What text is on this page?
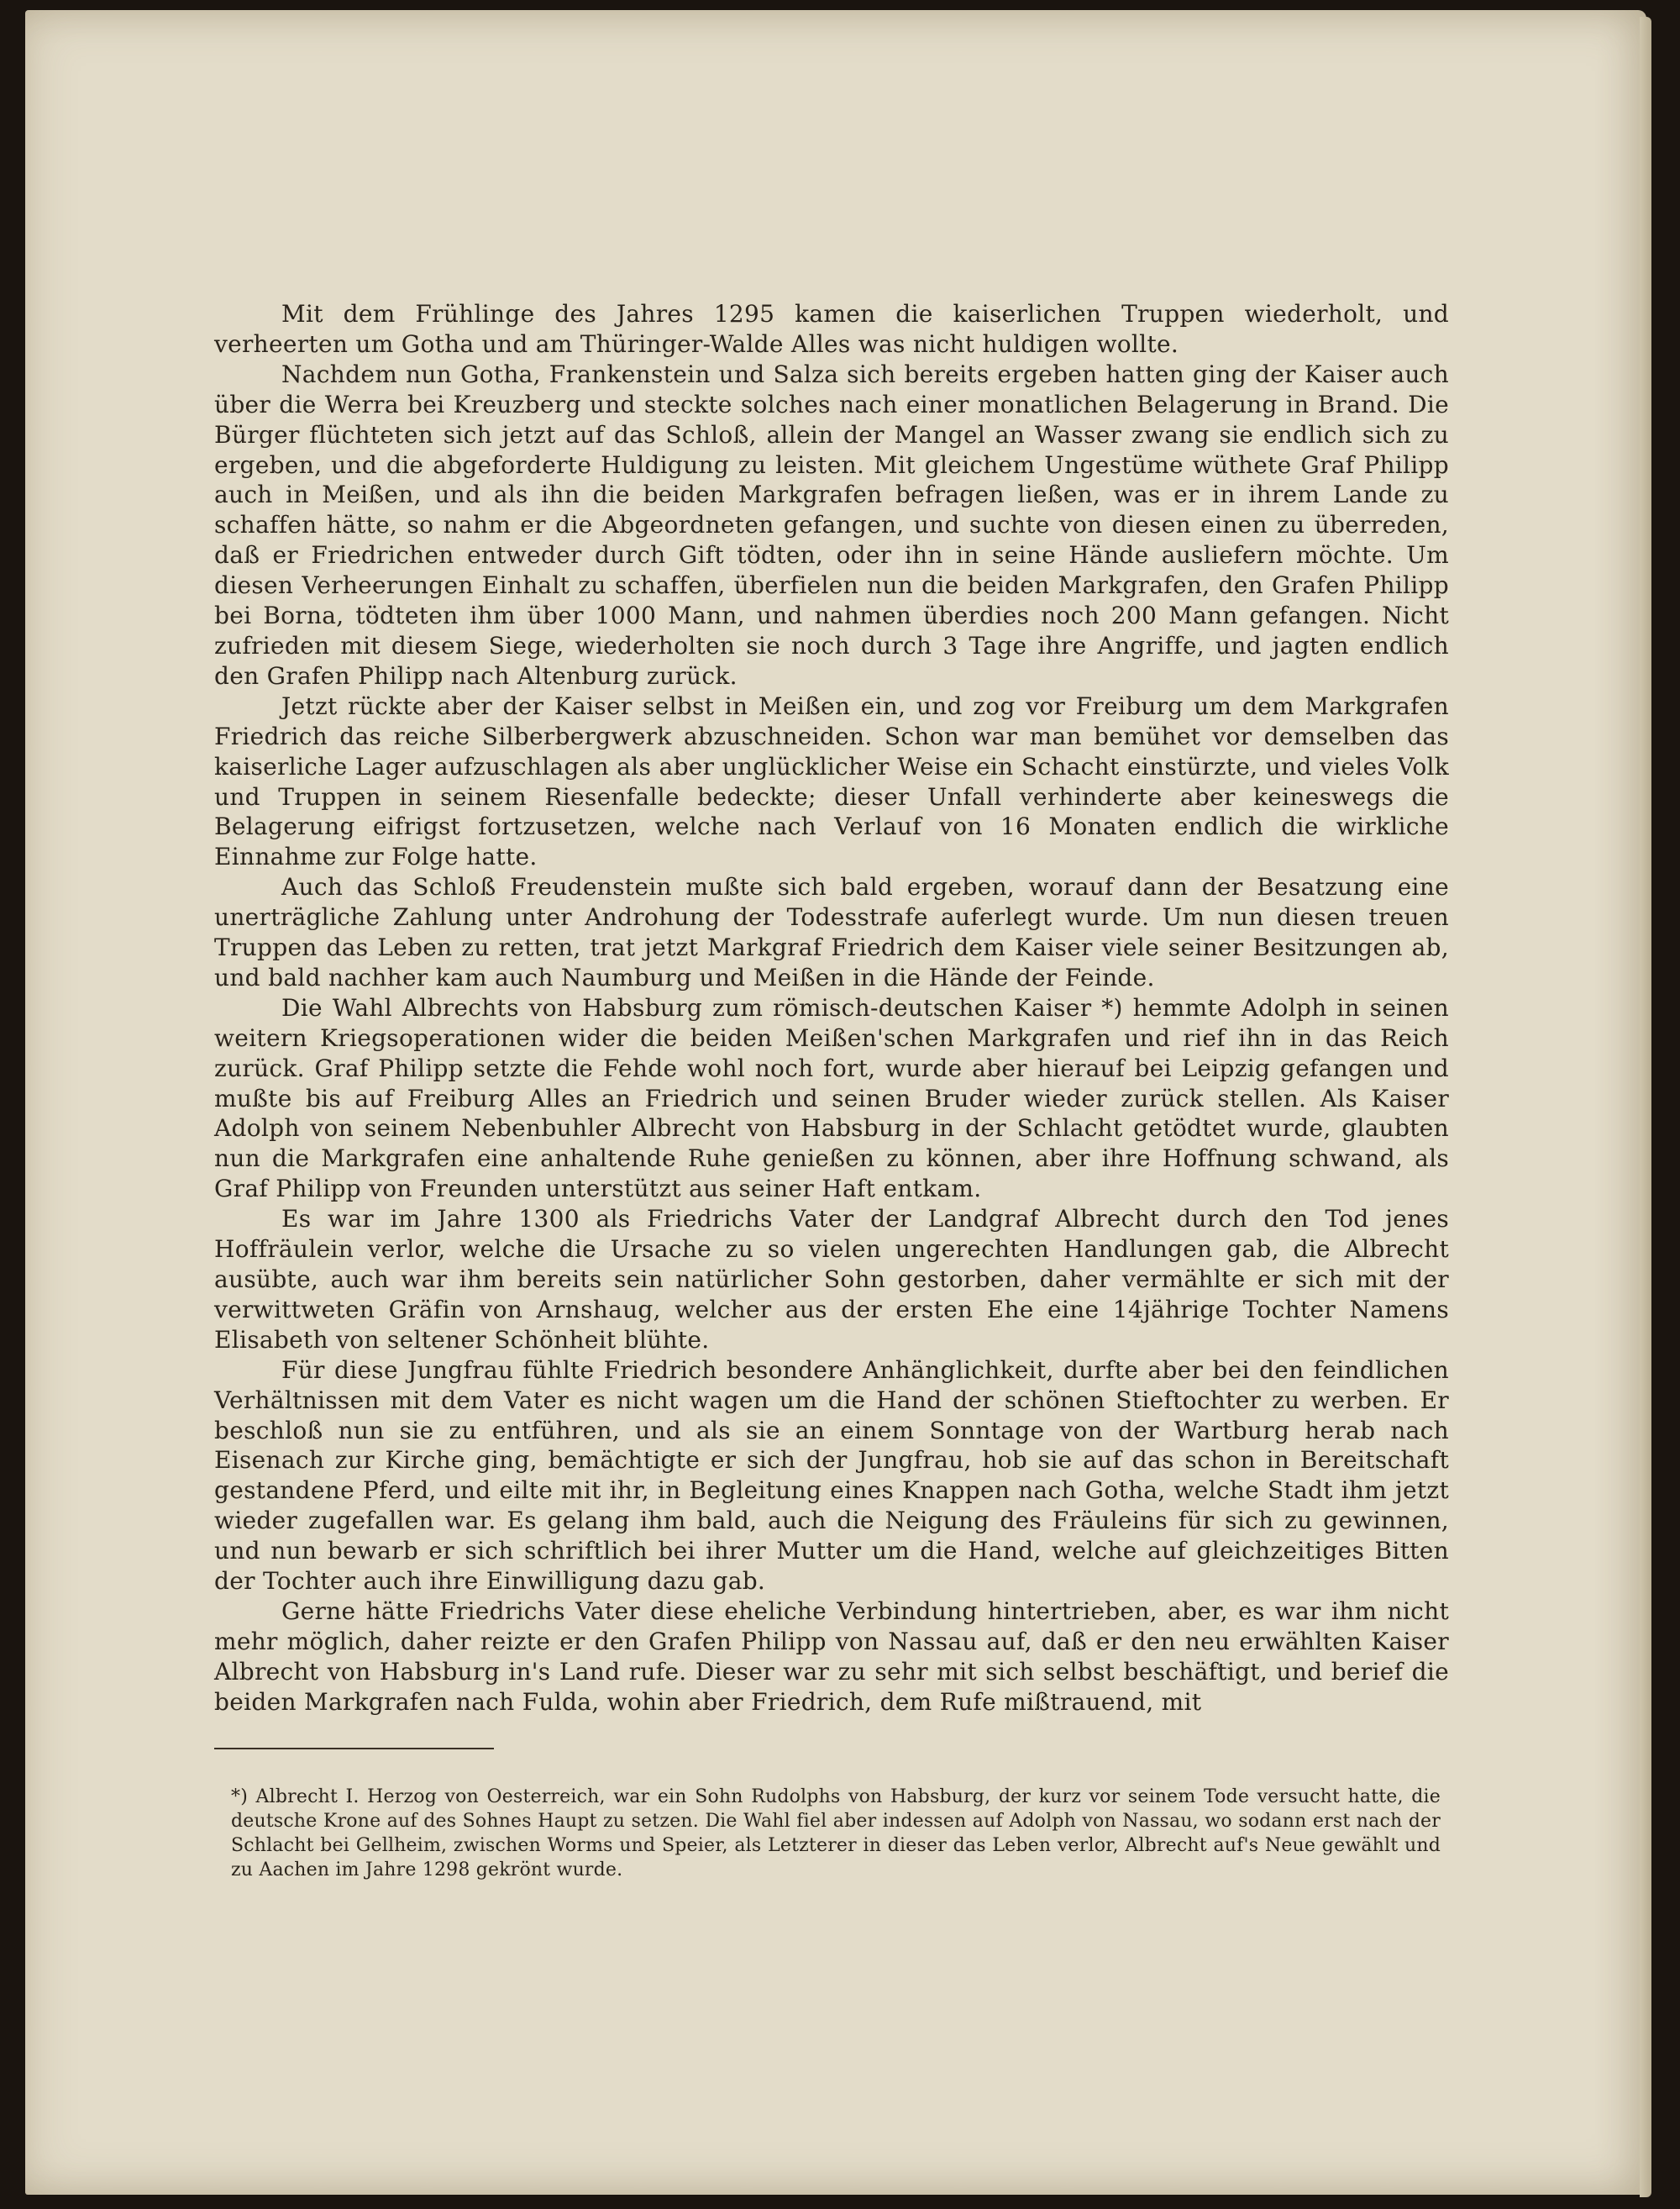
Mit dem Frühlinge des Jahres 1295 kamen die kaiserlichen Truppen wiederholt, und verheerten um Gotha und am Thüringer-Walde Alles was nicht huldigen wollte.

Nachdem nun Gotha, Frankenstein und Salza sich bereits ergeben hatten ging der Kaiser auch über die Werra bei Kreuzberg und steckte solches nach einer monatlichen Belagerung in Brand. Die Bürger flüchteten sich jetzt auf das Schloß, allein der Mangel an Wasser zwang sie endlich sich zu ergeben, und die abgeforderte Huldigung zu leisten. Mit gleichem Ungestüme wüthete Graf Philipp auch in Meißen, und als ihn die beiden Markgrafen befragen ließen, was er in ihrem Lande zu schaffen hätte, so nahm er die Abgeordneten gefangen, und suchte von diesen einen zu überreden, daß er Friedrichen entweder durch Gift tödten, oder ihn in seine Hände ausliefern möchte. Um diesen Verheerungen Einhalt zu schaffen, überfielen nun die beiden Markgrafen, den Grafen Philipp bei Borna, tödteten ihm über 1000 Mann, und nahmen überdies noch 200 Mann gefangen. Nicht zufrieden mit diesem Siege, wiederholten sie noch durch 3 Tage ihre Angriffe, und jagten endlich den Grafen Philipp nach Altenburg zurück.

Jetzt rückte aber der Kaiser selbst in Meißen ein, und zog vor Freiburg um dem Markgrafen Friedrich das reiche Silberbergwerk abzuschneiden. Schon war man bemühet vor demselben das kaiserliche Lager aufzuschlagen als aber unglücklicher Weise ein Schacht einstürzte, und vieles Volk und Truppen in seinem Riesenfalle bedeckte; dieser Unfall verhinderte aber keineswegs die Belagerung eifrigst fortzusetzen, welche nach Verlauf von 16 Monaten endlich die wirkliche Einnahme zur Folge hatte.

Auch das Schloß Freudenstein mußte sich bald ergeben, worauf dann der Besatzung eine unerträgliche Zahlung unter Androhung der Todesstrafe auferlegt wurde. Um nun diesen treuen Truppen das Leben zu retten, trat jetzt Markgraf Friedrich dem Kaiser viele seiner Besitzungen ab, und bald nachher kam auch Naumburg und Meißen in die Hände der Feinde.

Die Wahl Albrechts von Habsburg zum römisch-deutschen Kaiser *) hemmte Adolph in seinen weitern Kriegsoperationen wider die beiden Meißen'schen Markgrafen und rief ihn in das Reich zurück. Graf Philipp setzte die Fehde wohl noch fort, wurde aber hierauf bei Leipzig gefangen und mußte bis auf Freiburg Alles an Friedrich und seinen Bruder wieder zurück stellen. Als Kaiser Adolph von seinem Nebenbuhler Albrecht von Habsburg in der Schlacht getödtet wurde, glaubten nun die Markgrafen eine anhaltende Ruhe genießen zu können, aber ihre Hoffnung schwand, als Graf Philipp von Freunden unterstützt aus seiner Haft entkam.

Es war im Jahre 1300 als Friedrichs Vater der Landgraf Albrecht durch den Tod jenes Hoffräulein verlor, welche die Ursache zu so vielen ungerechten Handlungen gab, die Albrecht ausübte, auch war ihm bereits sein natürlicher Sohn gestorben, daher vermählte er sich mit der verwittweten Gräfin von Arnshaug, welcher aus der ersten Ehe eine 14jährige Tochter Namens Elisabeth von seltener Schönheit blühte.

Für diese Jungfrau fühlte Friedrich besondere Anhänglichkeit, durfte aber bei den feindlichen Verhältnissen mit dem Vater es nicht wagen um die Hand der schönen Stieftochter zu werben. Er beschloß nun sie zu entführen, und als sie an einem Sonntage von der Wartburg herab nach Eisenach zur Kirche ging, bemächtigte er sich der Jungfrau, hob sie auf das schon in Bereitschaft gestandene Pferd, und eilte mit ihr, in Begleitung eines Knappen nach Gotha, welche Stadt ihm jetzt wieder zugefallen war. Es gelang ihm bald, auch die Neigung des Fräuleins für sich zu gewinnen, und nun bewarb er sich schriftlich bei ihrer Mutter um die Hand, welche auf gleichzeitiges Bitten der Tochter auch ihre Einwilligung dazu gab.

Gerne hätte Friedrichs Vater diese eheliche Verbindung hintertrieben, aber, es war ihm nicht mehr möglich, daher reizte er den Grafen Philipp von Nassau auf, daß er den neu erwählten Kaiser Albrecht von Habsburg in's Land rufe. Dieser war zu sehr mit sich selbst beschäftigt, und berief die beiden Markgrafen nach Fulda, wohin aber Friedrich, dem Rufe mißtrauend, mit

*) Albrecht I. Herzog von Oesterreich, war ein Sohn Rudolphs von Habsburg, der kurz vor seinem Tode versucht hatte, die deutsche Krone auf des Sohnes Haupt zu setzen. Die Wahl fiel aber indessen auf Adolph von Nassau, wo sodann erst nach der Schlacht bei Gellheim, zwischen Worms und Speier, als Letzterer in dieser das Leben verlor, Albrecht auf's Neue gewählt und zu Aachen im Jahre 1298 gekrönt wurde.
